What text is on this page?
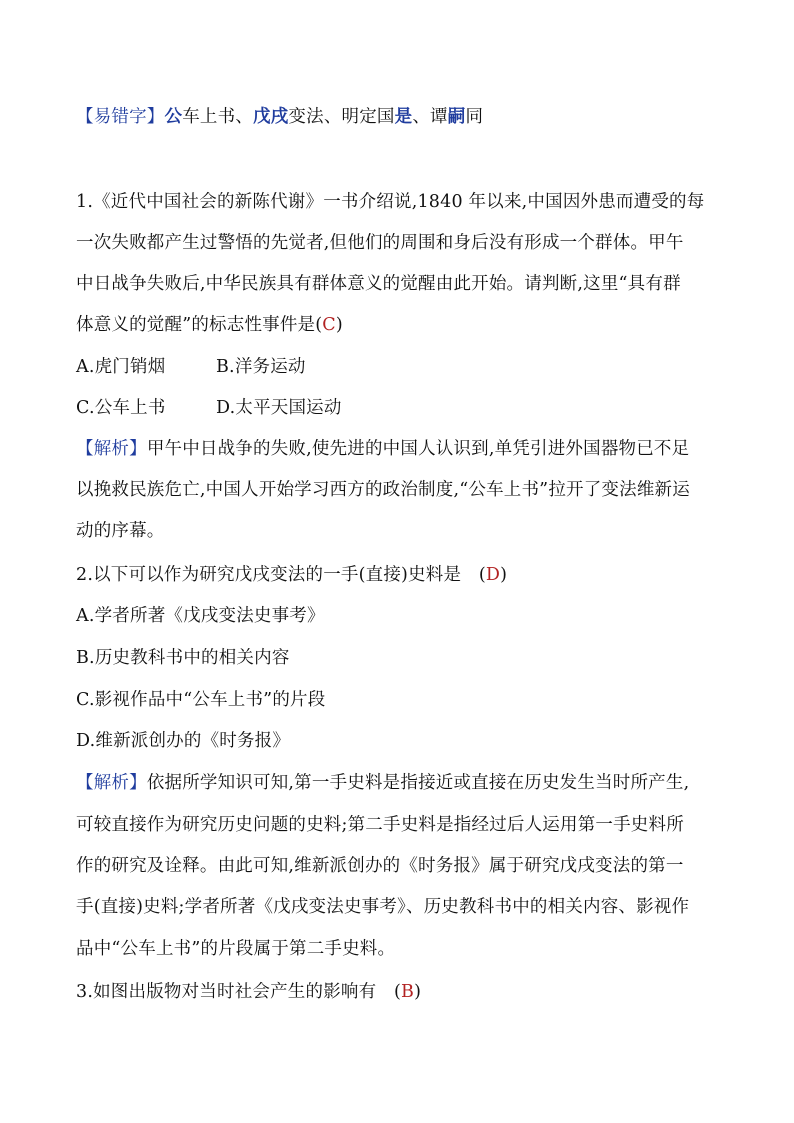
【易错字】公车上书、戊戌变法、明定国是、谭嗣同
1.《近代中国社会的新陈代谢》一书介绍说,1840 年以来,中国因外患而遭受的每
一次失败都产生过警悟的先觉者,但他们的周围和身后没有形成一个群体。甲午
中日战争失败后,中华民族具有群体意义的觉醒由此开始。请判断,这里“具有群
体意义的觉醒”的标志性事件是(C)
A.虎门销烟	B.洋务运动
C.公车上书	D.太平天国运动
【解析】甲午中日战争的失败,使先进的中国人认识到,单凭引进外国器物已不足
以挽救民族危亡,中国人开始学习西方的政治制度,“公车上书”拉开了变法维新运
动的序幕。
2.以下可以作为研究戊戌变法的一手(直接)史料是　(D)
A.学者所著《戊戌变法史事考》
B.历史教科书中的相关内容
C.影视作品中“公车上书”的片段
D.维新派创办的《时务报》
【解析】依据所学知识可知,第一手史料是指接近或直接在历史发生当时所产生,
可较直接作为研究历史问题的史料;第二手史料是指经过后人运用第一手史料所
作的研究及诠释。由此可知,维新派创办的《时务报》属于研究戊戌变法的第一
手(直接)史料;学者所著《戊戌变法史事考》、历史教科书中的相关内容、影视作
品中“公车上书”的片段属于第二手史料。
3.如图出版物对当时社会产生的影响有　(B)
